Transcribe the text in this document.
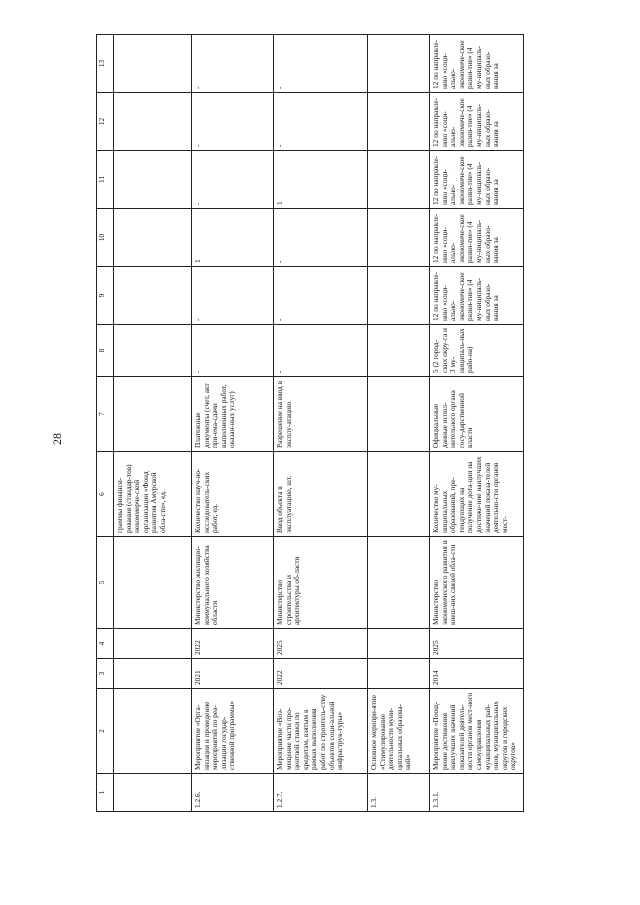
28
1	2	3	4	5	6	7	8	9	10	11	12	13
					граммы финанси-рования (стандар-тов) некоммерче-ской организации «Фонд развития Амурской обла-сти», ед.							
1.2.6.	Мероприятие «Орга-низация и проведение мероприятий по реа-лизации государ-ственной программы»	2021	2022	Министерство жилищно-коммунального хозяйства области	Количество науч-но-исследователь-ских работ, ед.	Платежные документы (счет, акт при-ема-сдачи выполненных работ, оказан-ных услуг)	-	-	1	-	-	-
1.2.7.	Мероприятие «Воз-мещение части про-центной ставки по кредитам, взятым в рамках выполнения работ по строитель-ству объектов соци-альной инфраструк-туры»	2022	2025	Министерство строительства и архитектуры об-ласти	Ввод объекта в эксплуатацию, шт.	Разрешение на ввод в эксплу-атацию	-	-	-	1	-	-
1.3.	Основное меропри-ятие «Стимулирование деятельности муни-ципальных образова-ний»											
1.3.1.	Мероприятие «Поощ-рение достижения наилучших значений показателей деятель-ности органов мест-ного самоуправления муниципальных рай-онов, муниципальных округов и городских округов»	2014	2025	Министерство экономического развития и внеш-них связей обла-сти	Количество му-ниципальных образований, пре-тендующих на получение дота-ции на достиже-ние наилучших значений показа-телей деятельно-сти органов мест-	Официальные данные испол-нительного органа госу-дарственной власти	5 (2 город-ских окру-га и 3 му-ниципаль-ных райо-на)	12 по направле-нию «соци-ально-экономиче-ское разви-тие» (4 му-ниципаль-ных образо-вания за	12 по направле-нию «соци-ально-экономиче-ское разви-тие» (4 му-ниципаль-ных образо-вания за	12 по направле-нию «соци-ально-экономиче-ское разви-тие» (4 му-ниципаль-ных образо-вания за	12 по направле-нию «соци-ально-экономиче-ское разви-тие» (4 му-ниципаль-ных образо-вания за	12 по направле-нию «соци-ально-экономиче-ское разви-тие» (4 му-ниципаль-ных образо-вания за
